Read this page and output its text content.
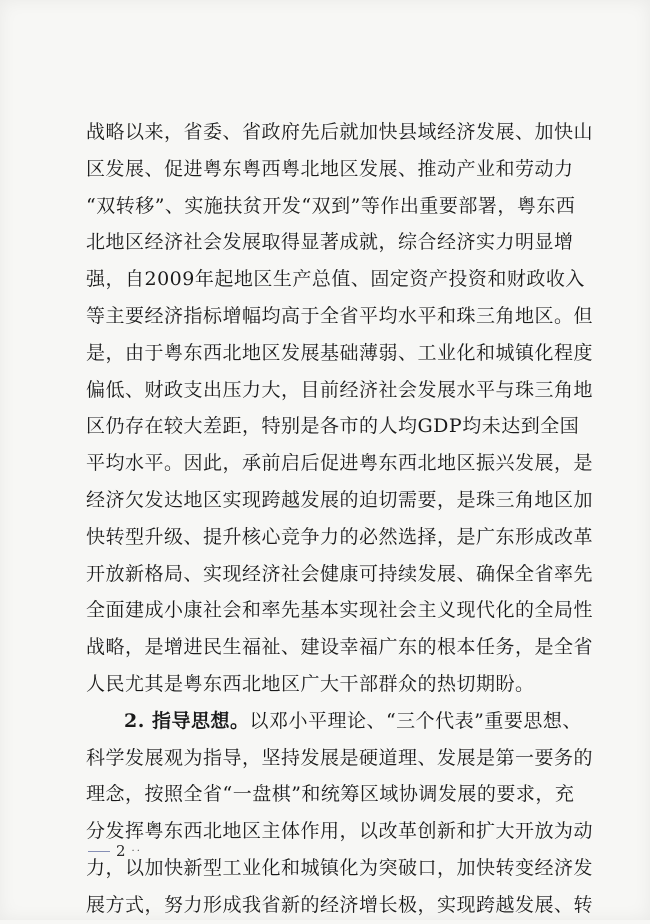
战略以来，省委、省政府先后就加快县域经济发展、加快山
区发展、促进粤东粤西粤北地区发展、推动产业和劳动力
“双转移”、实施扶贫开发“双到”等作出重要部署，粤东西
北地区经济社会发展取得显著成就，综合经济实力明显增
强，自2009年起地区生产总值、固定资产投资和财政收入
等主要经济指标增幅均高于全省平均水平和珠三角地区。但
是，由于粤东西北地区发展基础薄弱、工业化和城镇化程度
偏低、财政支出压力大，目前经济社会发展水平与珠三角地
区仍存在较大差距，特别是各市的人均GDP均未达到全国
平均水平。因此，承前启后促进粤东西北地区振兴发展，是
经济欠发达地区实现跨越发展的迫切需要，是珠三角地区加
快转型升级、提升核心竞争力的必然选择，是广东形成改革
开放新格局、实现经济社会健康可持续发展、确保全省率先
全面建成小康社会和率先基本实现社会主义现代化的全局性
战略，是增进民生福祉、建设幸福广东的根本任务，是全省
人民尤其是粤东西北地区广大干部群众的热切期盼。
2. 指导思想。以邓小平理论、“三个代表”重要思想、
科学发展观为指导，坚持发展是硬道理、发展是第一要务的
理念，按照全省“一盘棋”和统筹区域协调发展的要求，充
分发挥粤东西北地区主体作用，以改革创新和扩大开放为动
力，以加快新型工业化和城镇化为突破口，加快转变经济发
展方式，努力形成我省新的经济增长极，实现跨越发展、转
2 ··
